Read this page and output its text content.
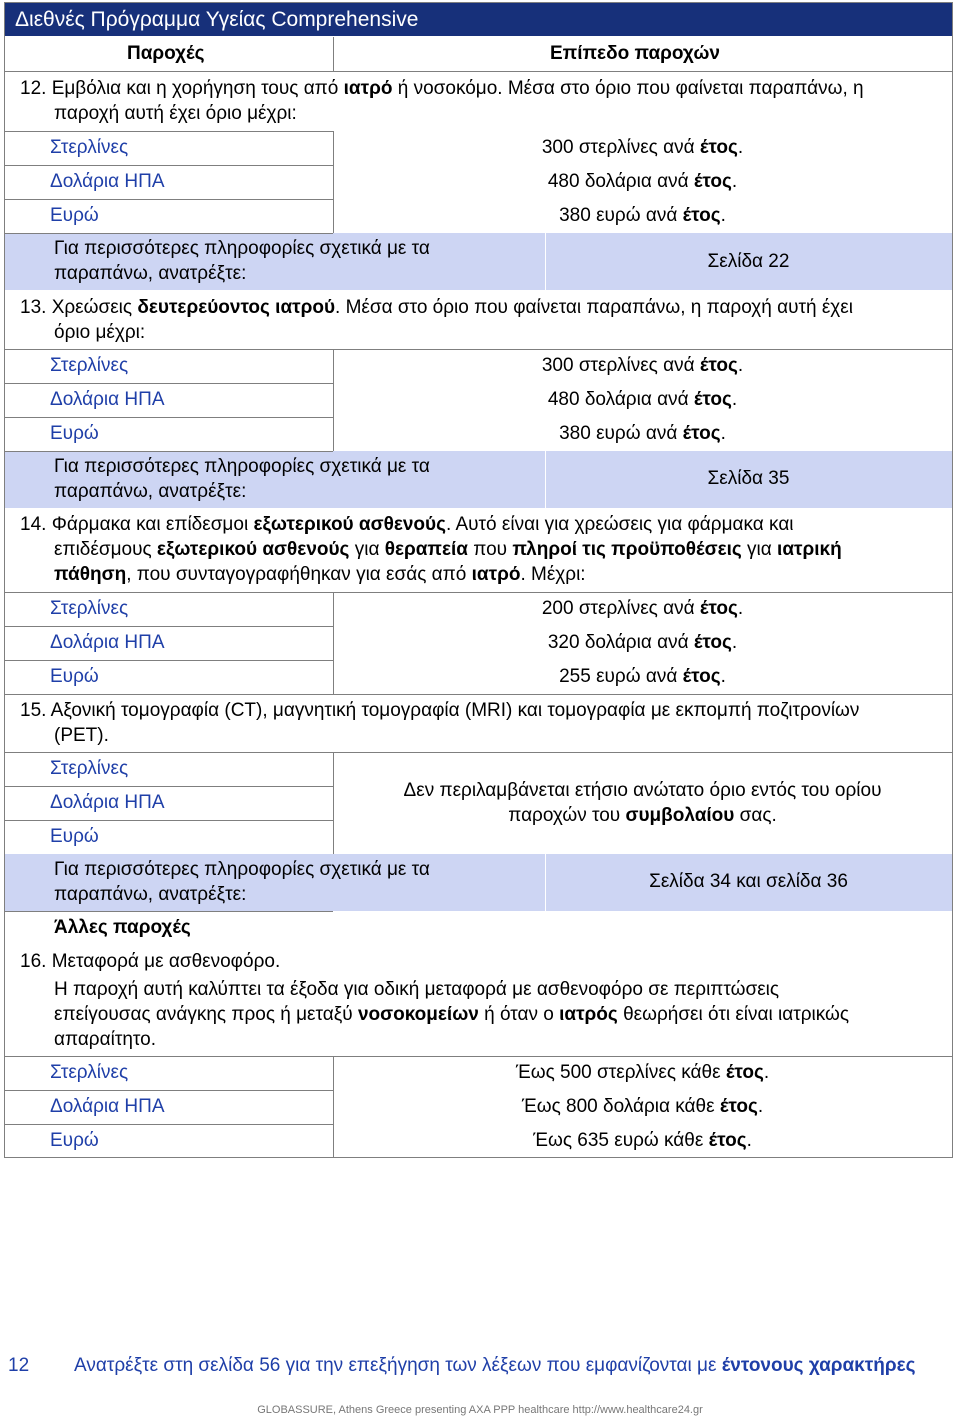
Διεθνές Πρόγραμμα Υγείας Comprehensive
Παροχές	Επίπεδο παροχών
12. Εμβόλια και η χορήγηση τους από ιατρό ή νοσοκόμο. Μέσα στο όριο που φαίνεται παραπάνω, η
παροχή αυτή έχει όριο μέχρι:
Στερλίνες	300 στερλίνες ανά έτος.
Δολάρια ΗΠΑ	480 δολάρια ανά έτος.
Ευρώ	380 ευρώ ανά έτος.
Για περισσότερες πληροφορίες σχετικά με τα
παραπάνω, ανατρέξτε:
Σελίδα 22
13. Χρεώσεις δευτερεύοντος ιατρού. Μέσα στο όριο που φαίνεται παραπάνω, η παροχή αυτή έχει
όριο μέχρι:
Στερλίνες	300 στερλίνες ανά έτος.
Δολάρια ΗΠΑ	480 δολάρια ανά έτος.
Ευρώ	380 ευρώ ανά έτος.
Για περισσότερες πληροφορίες σχετικά με τα
παραπάνω, ανατρέξτε:
Σελίδα 35
14. Φάρμακα και επίδεσμοι εξωτερικού ασθενούς. Αυτό είναι για χρεώσεις για φάρμακα και
επιδέσμους εξωτερικού ασθενούς για θεραπεία που πληροί τις προϋποθέσεις για ιατρική
πάθηση, που συνταγογραφήθηκαν για εσάς από ιατρό. Μέχρι:
Στερλίνες	200 στερλίνες ανά έτος.
Δολάρια ΗΠΑ	320 δολάρια ανά έτος.
Ευρώ	255 ευρώ ανά έτος.
15. Αξονική τομογραφία (CT), μαγνητική τομογραφία (MRI) και τομογραφία με εκπομπή ποζιτρονίων
(PET).
Στερλίνες
Δολάρια ΗΠΑ
Ευρώ
Δεν περιλαμβάνεται ετήσιο ανώτατο όριο εντός του ορίου
παροχών του συμβολαίου σας.
Για περισσότερες πληροφορίες σχετικά με τα
παραπάνω, ανατρέξτε:
Σελίδα 34 και σελίδα 36
Άλλες παροχές
16. Μεταφορά με ασθενοφόρο.
Η παροχή αυτή καλύπτει τα έξοδα για οδική μεταφορά με ασθενοφόρο σε περιπτώσεις
επείγουσας ανάγκης προς ή μεταξύ νοσοκομείων ή όταν ο ιατρός θεωρήσει ότι είναι ιατρικώς
απαραίτητο.
Στερλίνες	Έως 500 στερλίνες κάθε έτος.
Δολάρια ΗΠΑ	Έως 800 δολάρια κάθε έτος.
Ευρώ	Έως 635 ευρώ κάθε έτος.
12 Ανατρέξτε στη σελίδα 56 για την επεξήγηση των λέξεων που εμφανίζονται με έντονους χαρακτήρες
GLOBASSURE, Athens Greece presenting AXA PPP healthcare http://www.healthcare24.gr
